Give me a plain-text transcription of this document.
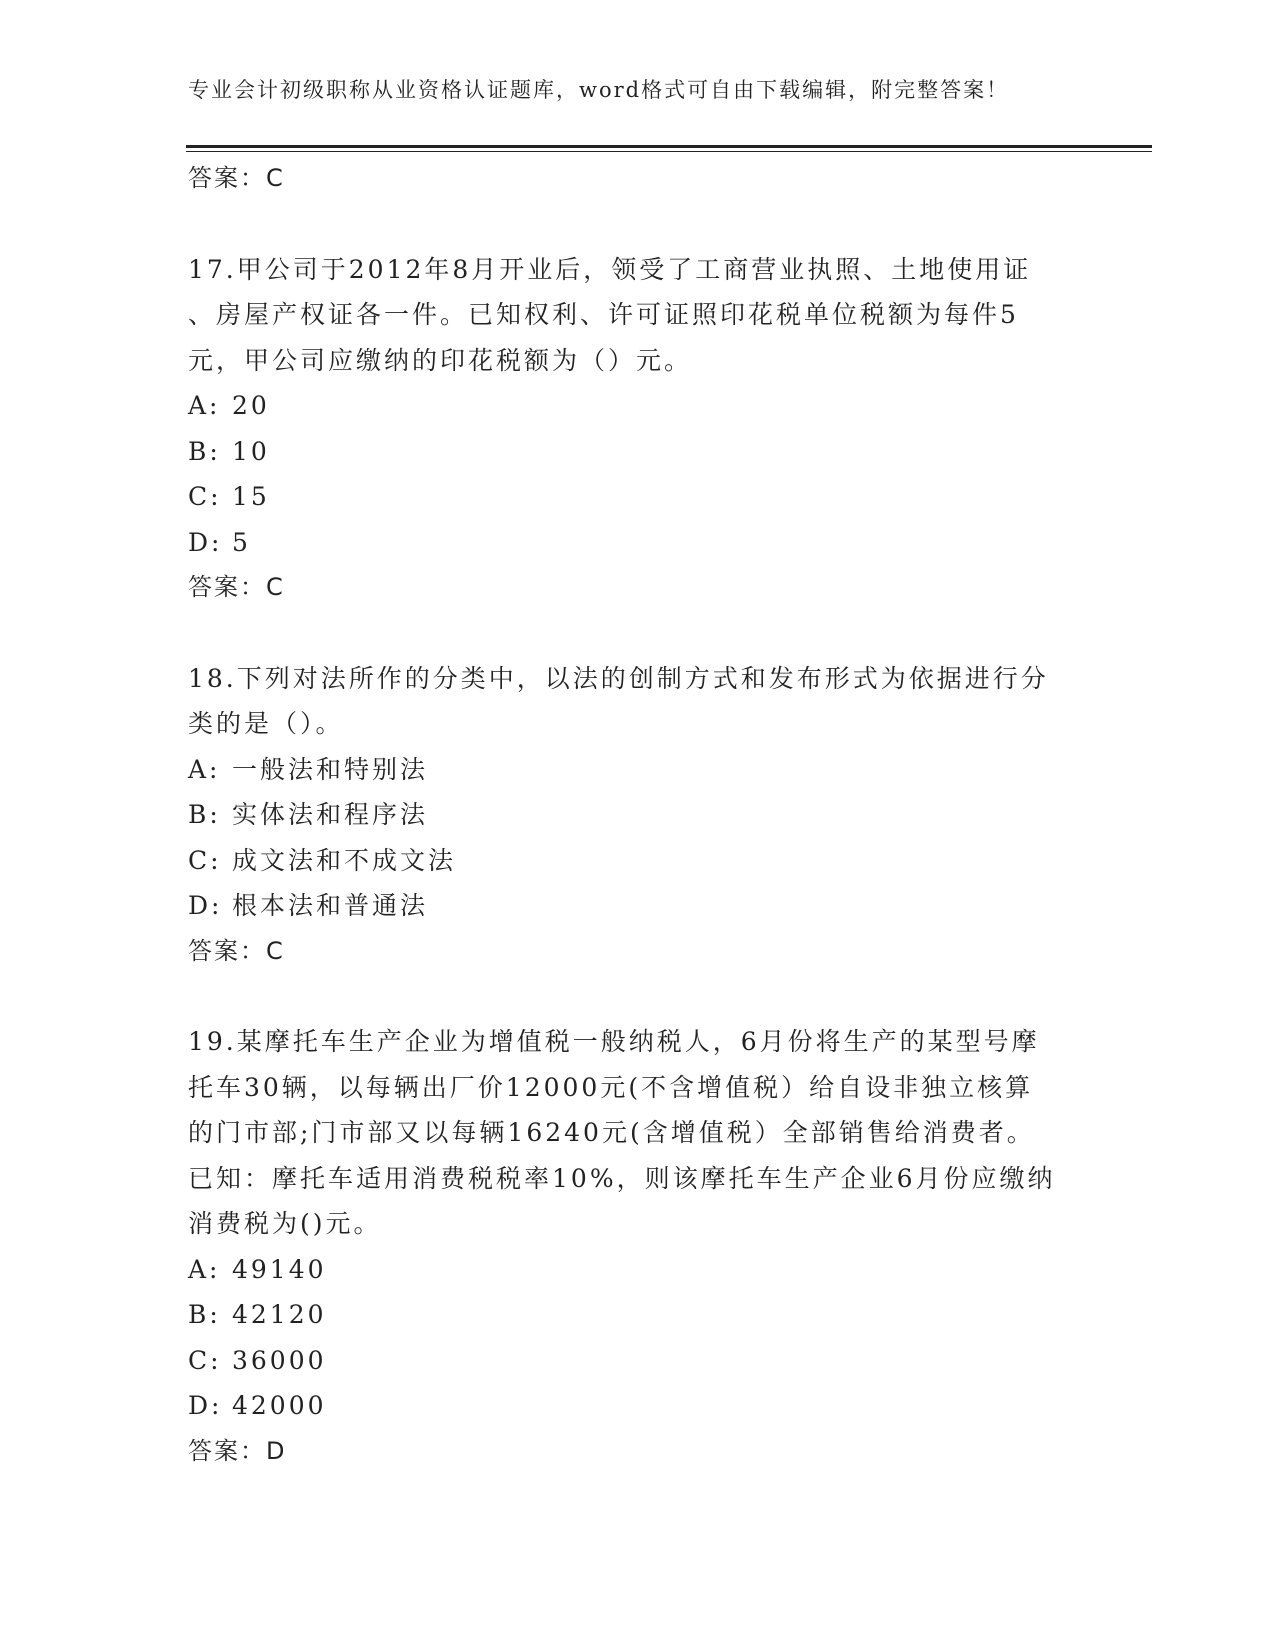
专业会计初级职称从业资格认证题库，word格式可自由下载编辑，附完整答案！
答案：C
17.甲公司于2012年8月开业后，领受了工商营业执照、土地使用证
、房屋产权证各一件。已知权利、许可证照印花税单位税额为每件5
元，甲公司应缴纳的印花税额为（）元。
A: 20
B: 10
C: 15
D: 5
答案：C
18.下列对法所作的分类中，以法的创制方式和发布形式为依据进行分
类的是（）。
A: 一般法和特别法
B: 实体法和程序法
C: 成文法和不成文法
D: 根本法和普通法
答案：C
19.某摩托车生产企业为增值税一般纳税人，6月份将生产的某型号摩
托车30辆，以每辆出厂价12000元(不含增值税）给自设非独立核算
的门市部;门市部又以每辆16240元(含增值税）全部销售给消费者。
已知：摩托车适用消费税税率10%，则该摩托车生产企业6月份应缴纳
消费税为()元。
A: 49140
B: 42120
C: 36000
D: 42000
答案：D
